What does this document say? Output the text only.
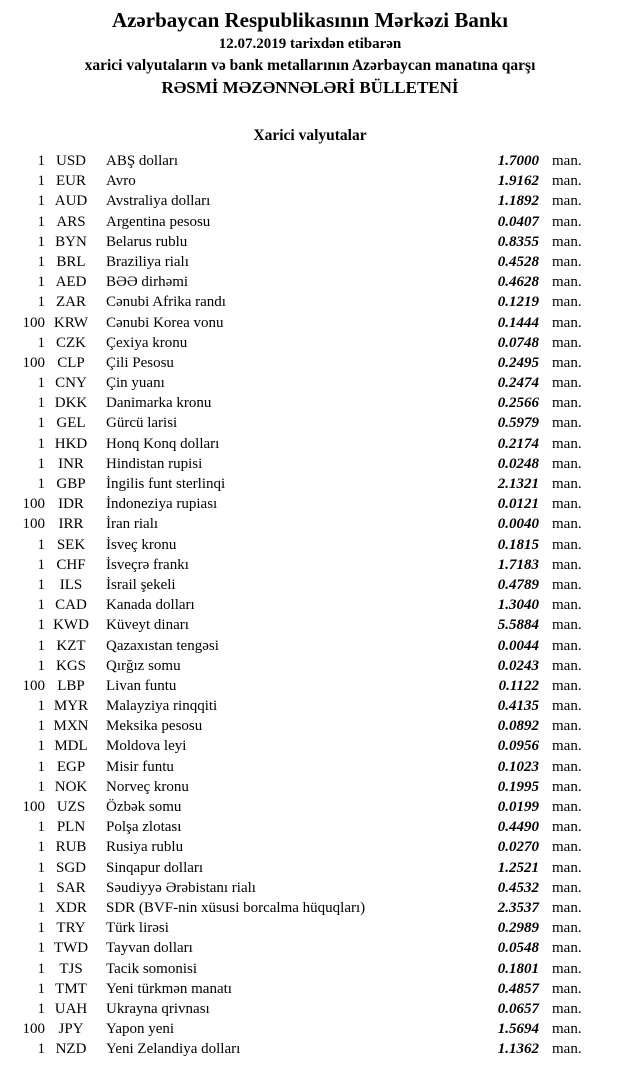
Azərbaycan Respublikasının Mərkəzi Bankı
12.07.2019 tarixdən etibarən
xarici valyutaların və bank metallarının Azərbaycan manatına qarşı
RƏSMİ MƏZƏNNƏLƏRİ BÜLLETENİ
Xarici valyutalar
1 USD	ABŞ dolları	1.7000 man.
1 EUR	Avro	1.9162 man.
1 AUD	Avstraliya dolları	1.1892 man.
1 ARS	Argentina pesosu	0.0407 man.
1 BYN	Belarus rublu	0.8355 man.
1 BRL	Braziliya rialı	0.4528 man.
1 AED	BƏƏ dirhəmi	0.4628 man.
1 ZAR	Cənubi Afrika randı	0.1219 man.
100 KRW	Cənubi Korea vonu	0.1444 man.
1 CZK	Çexiya kronu	0.0748 man.
100 CLP	Çili Pesosu	0.2495 man.
1 CNY	Çin yuanı	0.2474 man.
1 DKK	Danimarka kronu	0.2566 man.
1 GEL	Gürcü larisi	0.5979 man.
1 HKD	Honq Konq dolları	0.2174 man.
1 INR	Hindistan rupisi	0.0248 man.
1 GBP	İngilis funt sterlinqi	2.1321 man.
100 IDR	İndoneziya rupiası	0.0121 man.
100 IRR	İran rialı	0.0040 man.
1 SEK	İsveç kronu	0.1815 man.
1 CHF	İsveçrə frankı	1.7183 man.
1 ILS	İsrail şekeli	0.4789 man.
1 CAD	Kanada dolları	1.3040 man.
1 KWD	Küveyt dinarı	5.5884 man.
1 KZT	Qazaxıstan tengəsi	0.0044 man.
1 KGS	Qırğız somu	0.0243 man.
100 LBP	Livan funtu	0.1122 man.
1 MYR	Malayziya rinqqiti	0.4135 man.
1 MXN	Meksika pesosu	0.0892 man.
1 MDL	Moldova leyi	0.0956 man.
1 EGP	Misir funtu	0.1023 man.
1 NOK	Norveç kronu	0.1995 man.
100 UZS	Özbək somu	0.0199 man.
1 PLN	Polşa zlotası	0.4490 man.
1 RUB	Rusiya rublu	0.0270 man.
1 SGD	Sinqapur dolları	1.2521 man.
1 SAR	Səudiyyə Ərəbistanı rialı	0.4532 man.
1 XDR	SDR (BVF-nin xüsusi borcalma hüquqları)	2.3537 man.
1 TRY	Türk lirəsi	0.2989 man.
1 TWD	Tayvan dolları	0.0548 man.
1 TJS	Tacik somonisi	0.1801 man.
1 TMT	Yeni türkmən manatı	0.4857 man.
1 UAH	Ukrayna qrivnası	0.0657 man.
100 JPY	Yapon yeni	1.5694 man.
1 NZD	Yeni Zelandiya dolları	1.1362 man.
